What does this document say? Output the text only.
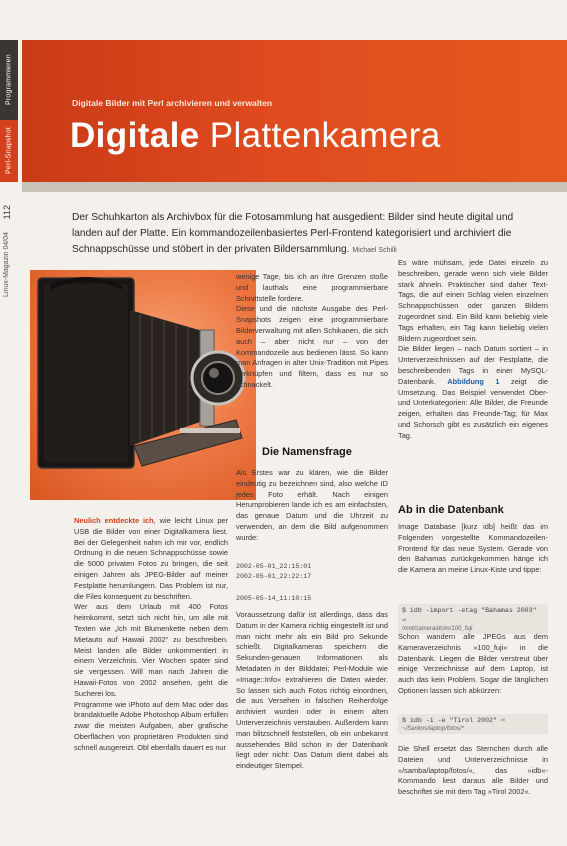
Programmieren
Perl-Snapshot
112
Linux-Magazin 04/04
Digitale Bilder mit Perl archivieren und verwalten
Digitale Plattenkamera
Der Schuhkarton als Archivbox für die Fotosammlung hat ausgedient: Bilder sind heute digital und landen auf der Platte. Ein kommandozeilenbasiertes Perl-Frontend kategorisiert und archiviert die Schnappschüsse und stöbert in der privaten Bildersammlung. Michael Schilli

Neulich entdeckte ich, wie leicht Linux per USB die Bilder von einer Digitalkamera liest. Bei der Gelegenheit nahm ich mir vor, endlich Ordnung in die neuen Schnappschüsse sowie die 5000 privaten Fotos zu bringen, die seit einigen Jahren als JPEG-Bilder auf meiner Festplatte herumlungern. Das Problem ist nur, die Files konsequent zu beschriften.

Wer aus dem Urlaub mit 400 Fotos heimkommt, setzt sich nicht hin, um alle mit Texten wie „Ich mit Blumenkette neben dem Mietauto auf Hawaii 2002“ zu beschreiben. Meist landen alle Bilder unkommentiert in einem Verzeichnis. Vier Wochen später sind sie vergessen. Will man nach Jahren die Hawaii-Fotos von 2002 ansehen, geht die Sucherei los.

Programme wie iPhoto auf dem Mac oder das brandaktuelle Adobe Photoshop Album erfüllen zwar die meisten Aufgaben, aber grafische Oberflächen von proprietären Produkten sind schnell ausgereizt. Obl ebenfalls dauert es nur

wenige Tage, bis ich an ihre Grenzen stoße und lauthals eine programmierbare Schnittstelle fordere.

Diese und die nächste Ausgabe des Perl-Snapshots zeigen eine programmierbare Bilderverwaltung mit allen Schikanen, die sich auch – aber nicht nur – von der Kommandozeile aus bedienen lässt. So kann man Anfragen in alter Unix-Tradition mit Pipes verknüpfen und filtern, dass es nur so schnackelt.

Die Namensfrage

Als Erstes war zu klären, wie die Bilder eindeutig zu bezeichnen sind, also welche ID jedes Foto erhält. Nach einigen Herumprobieren lande ich es am einfachsten, das genaue Datum und die Uhrzeit zu verwenden, an dem die Bild aufgenommen wurde:

2002-05-01_22:15:01
2002-05-01_22:22:17
2005-05-14_11:10:15

Voraussetzung dafür ist allerdings, dass das Datum in der Kamera richtig eingestellt ist und man nicht mehr als ein Bild pro Sekunde schießt. Digitalkameras speichern die Sekunden-genauen Informationen als Metadaten in der Bilddatei; Perl-Module wie »Image::Info« extrahieren die Daten wieder. So lassen sich auch Fotos richtig einordnen, die aus Versehen in falschen Reihenfolge archiviert wurden oder in einem alten Unterverzeichnis verstauben. Außerdem kann man blitzschnell feststellen, ob ein unbekannt aussehendes Bild schon in der Datenbank liegt oder nicht: Das Datum dient dabei als eindeutiger Stempel.

Es wäre mühsam, jede Datei einzeln zu beschreiben, gerade wenn sich viele Bilder stark ähneln. Praktischer sind daher Text-Tags, die auf einen Schlag vielen einzelnen Schnappschüssen oder ganzen Bildern zugeordnet sind. Ein Bild kann beliebig viele Tags erhalten, ein Tag kann beliebig vielen Bildern zugeordnet sein.

Die Bilder liegen – nach Datum sortiert – in Unterverzeichnissen auf der Festplatte, die beschreibenden Tags in einer MySQL-Datenbank. Abbildung 1 zeigt die Umsetzung. Das Beispiel verwendet Ober- und Unterkategorien: Alle Bilder, die Freunde zeigen, erhalten das Freunde-Tag; für Max und Schorsch gibt es zusätzlich ein eigenes Tag.

Ab in die Datenbank

Image Database [kurz idb] heißt das im Folgenden vorgestellte Kommandozeilen-Frontend für das neue System. Gerade von den Bahamas zurückgekommen hänge ich die Kamera an meine Linux-Kiste und tippe:

$ idb -import -etag "Bahamas 2003" ⏎
/mnt/camera/dcim/100_fuji

Schon wandern alle JPEGs aus dem Kameraverzeichnis »100_fuji« in die Datenbank. Liegen die Bilder verstreut über einige Verzeichnisse auf dem Laptop, ist auch das kein Problem. Sogar die länglichen Optionen lassen sich abkürzen:

$ idb -i -e "Tirol 2002" ⏎
~/Sankos/laptop/fotos/*

Die Shell ersetzt das Sternchen durch alle Dateien und Unterverzeichnisse in »/samba/laptop/fotos/«, das »idb«-Kommando liest daraus alle Bilder und beschriftet sie mit dem Tag »Tirol 2002«.
